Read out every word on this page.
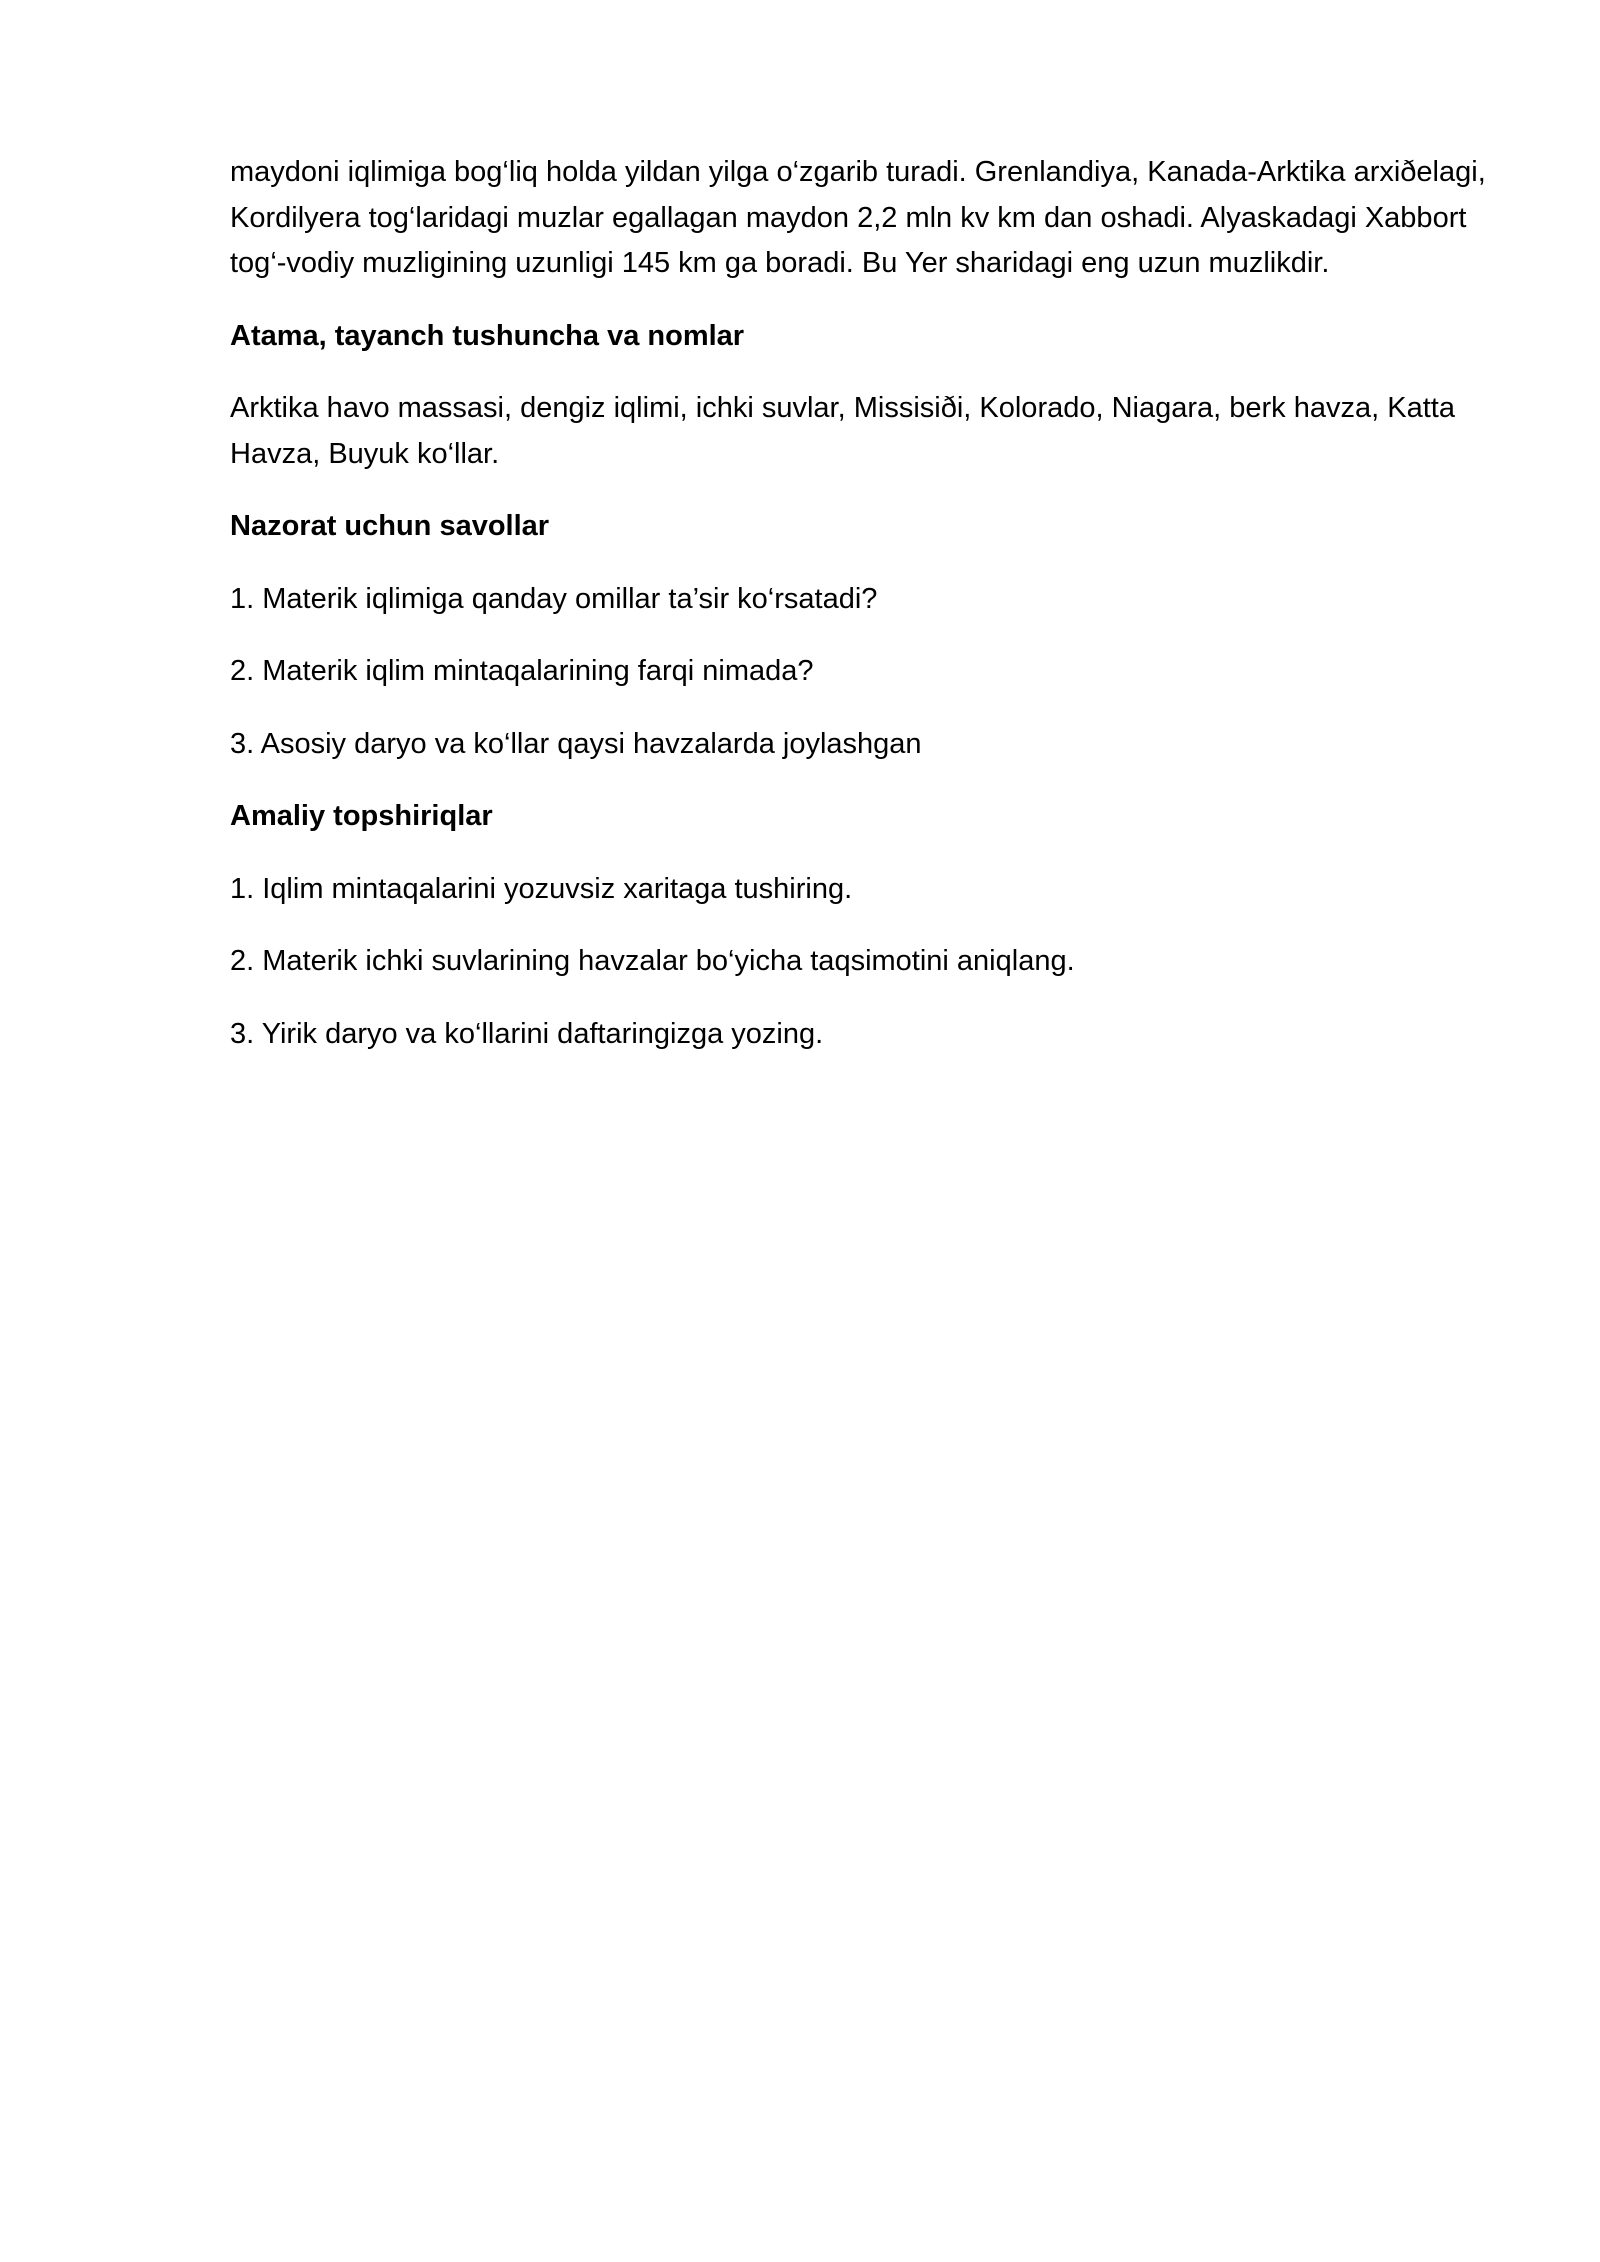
maydoni iqlimiga bog‘liq holda yildan yilga o‘zgarib turadi. Grenlandiya, Kanada-Arktika arxiðelagi, Kordilyera tog‘laridagi muzlar egallagan maydon 2,2 mln kv km dan oshadi. Alyaskadagi Xabbort tog‘-vodiy muzligining uzunligi 145 km ga boradi. Bu Yer sharidagi eng uzun muzlikdir.

Atama, tayanch tushuncha va nomlar

Arktika havo massasi, dengiz iqlimi, ichki suvlar, Missisiði, Kolorado, Niagara, berk havza, Katta Havza, Buyuk ko‘llar.

Nazorat uchun savollar

1. Materik iqlimiga qanday omillar ta’sir ko‘rsatadi?

2. Materik iqlim mintaqalarining farqi nimada?

3. Asosiy daryo va ko‘llar qaysi havzalarda joylashgan

Amaliy topshiriqlar

1. Iqlim mintaqalarini yozuvsiz xaritaga tushiring.

2. Materik ichki suvlarining havzalar bo‘yicha taqsimotini aniqlang.

3. Yirik daryo va ko‘llarini daftaringizga yozing.
